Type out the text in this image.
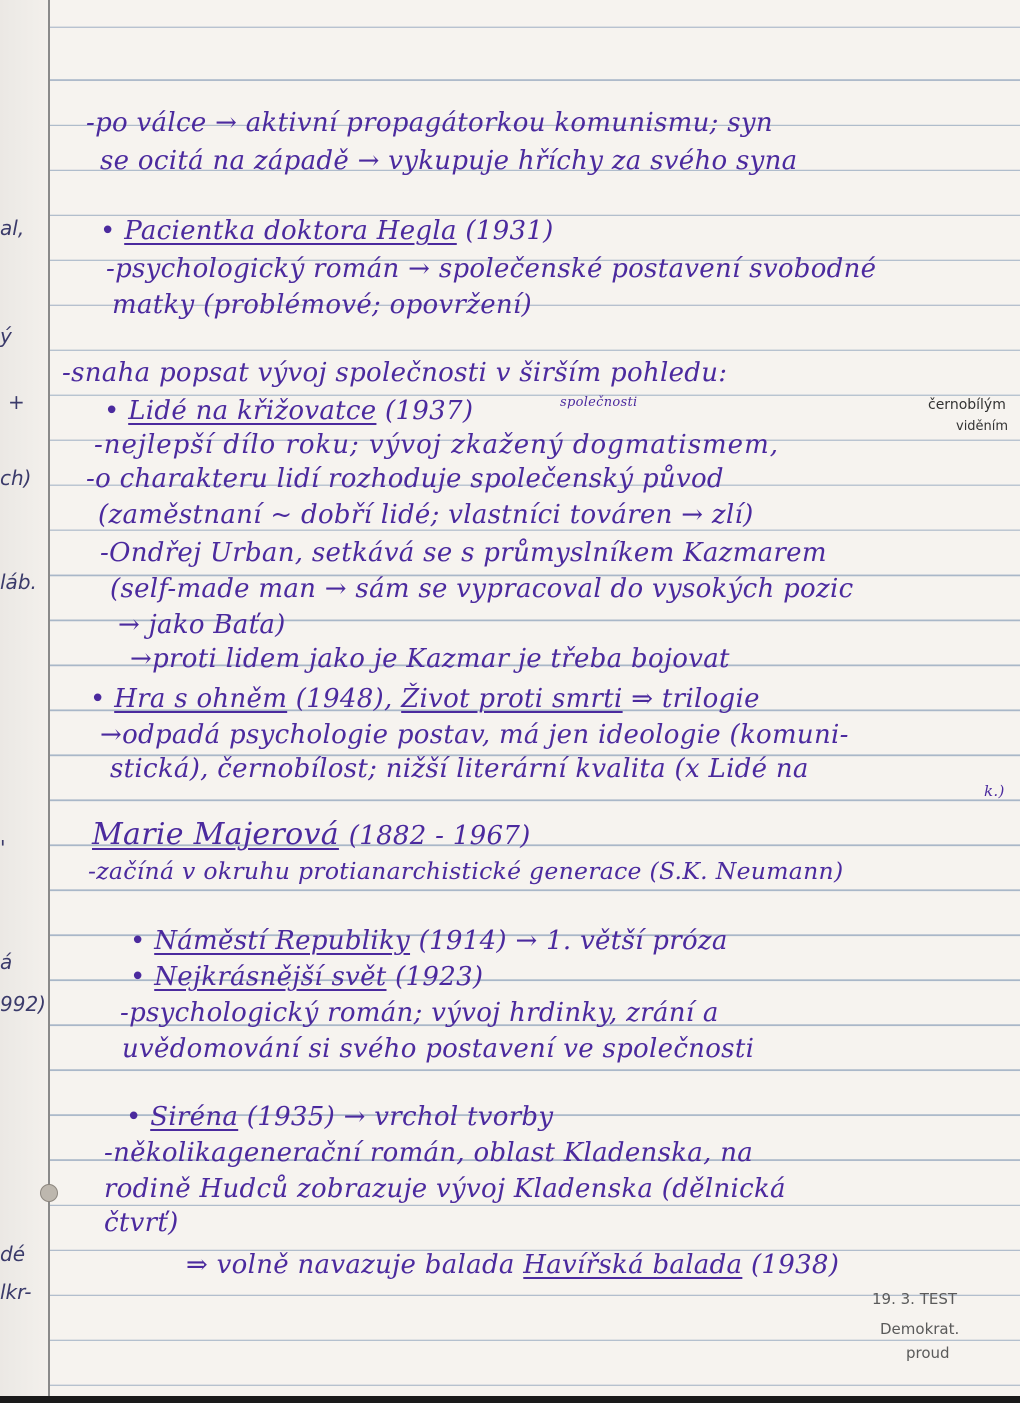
al,
ý
+
ch)
láb.
'
á
992)
dé
lkr-
-po válce → aktivní propagátorkou komunismu; syn
se ocitá na západě → vykupuje hříchy za svého syna
• Pacientka doktora Hegla (1931)
-psychologický román → společenské postavení svobodné
matky (problémové; opovržení)
-snaha popsat vývoj společnosti v širším pohledu:
• Lidé na křižovatce (1937)	společnosti
-nejlepší dílo roku; vývoj zkažený dogmatismem,
-o charakteru lidí rozhoduje společenský původ
(zaměstnaní ~ dobří lidé; vlastníci továren → zlí)
-Ondřej Urban, setkává se s průmyslníkem Kazmarem
(self-made man → sám se vypracoval do vysokých pozic
→ jako Baťa)
→proti lidem jako je Kazmar je třeba bojovat
• Hra s ohněm (1948), Život proti smrti ⇒ trilogie
→odpadá psychologie postav, má jen ideologie (komuni-
stická), černobílost; nižší literární kvalita (x Lidé na
k.)
Marie Majerová (1882 - 1967)
-začíná v okruhu protianarchistické generace (S.K. Neumann)
• Náměstí Republiky (1914) → 1. větší próza
• Nejkrásnější svět (1923)
-psychologický román; vývoj hrdinky, zrání a
uvědomování si svého postavení ve společnosti
• Siréna (1935) → vrchol tvorby
-několikagenerační román, oblast Kladenska, na
rodině Hudců zobrazuje vývoj Kladenska (dělnická
čtvrť)
⇒ volně navazuje balada Havířská balada (1938)
černobílým
viděním
19. 3. TEST
Demokrat.
proud
